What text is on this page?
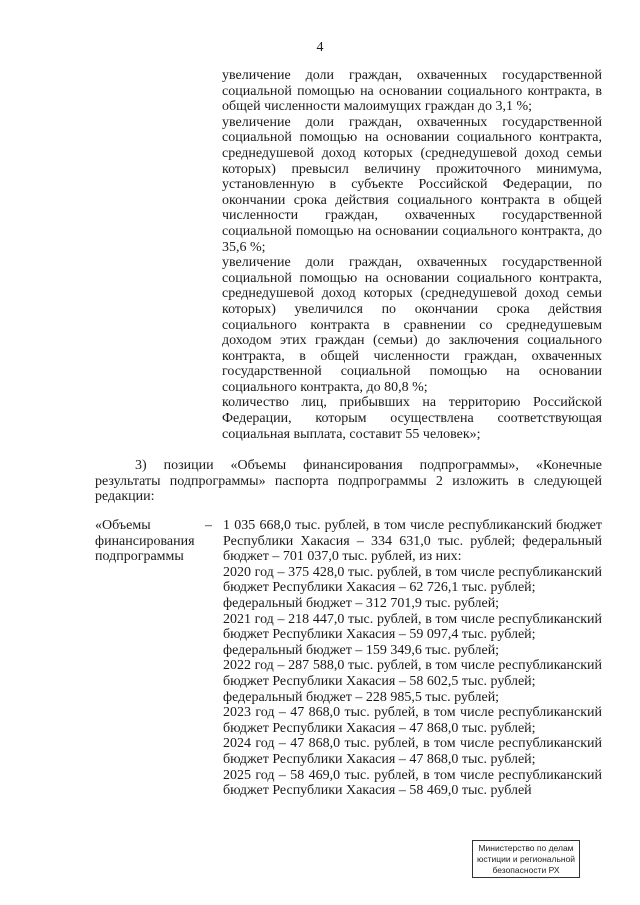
4

увеличение доли граждан, охваченных государственной социальной помощью на основании социального контракта, в общей численности малоимущих граждан до 3,1 %;

увеличение доли граждан, охваченных государственной социальной помощью на основании социального контракта, среднедушевой доход которых (среднедушевой доход семьи которых) превысил величину прожиточного минимума, установленную в субъекте Российской Федерации, по окончании срока действия социального контракта в общей численности граждан, охваченных государственной социальной помощью на основании социального контракта, до 35,6 %;

увеличение доли граждан, охваченных государственной социальной помощью на основании социального контракта, среднедушевой доход которых (среднедушевой доход семьи которых) увеличился по окончании срока действия социального контракта в сравнении со среднедушевым доходом этих граждан (семьи) до заключения социального контракта, в общей численности граждан, охваченных государственной социальной помощью на основании социального контракта, до 80,8 %;

количество лиц, прибывших на территорию Российской Федерации, которым осуществлена соответствующая социальная выплата, составит 55 человек»;

3) позиции «Объемы финансирования подпрограммы», «Конечные результаты подпрограммы» паспорта подпрограммы 2 изложить в следующей редакции:

«Объемы финансирования подпрограммы
– 1 035 668,0 тыс. рублей, в том числе республиканский бюджет Республики Хакасия – 334 631,0 тыс. рублей; федеральный бюджет – 701 037,0 тыс. рублей, из них:

2020 год – 375 428,0 тыс. рублей, в том числе республиканский бюджет Республики Хакасия – 62 726,1 тыс. рублей;

федеральный бюджет – 312 701,9 тыс. рублей;

2021 год – 218 447,0 тыс. рублей, в том числе республиканский бюджет Республики Хакасия – 59 097,4 тыс. рублей;

федеральный бюджет – 159 349,6 тыс. рублей;

2022 год – 287 588,0 тыс. рублей, в том числе республиканский бюджет Республики Хакасия – 58 602,5 тыс. рублей;

федеральный бюджет – 228 985,5 тыс. рублей;

2023 год – 47 868,0 тыс. рублей, в том числе республиканский бюджет Республики Хакасия – 47 868,0 тыс. рублей;

2024 год – 47 868,0 тыс. рублей, в том числе республиканский бюджет Республики Хакасия – 47 868,0 тыс. рублей;

2025 год – 58 469,0 тыс. рублей, в том числе республиканский бюджет Республики Хакасия – 58 469,0 тыс. рублей

Министерство по делам
юстиции и региональной
безопасности РХ
